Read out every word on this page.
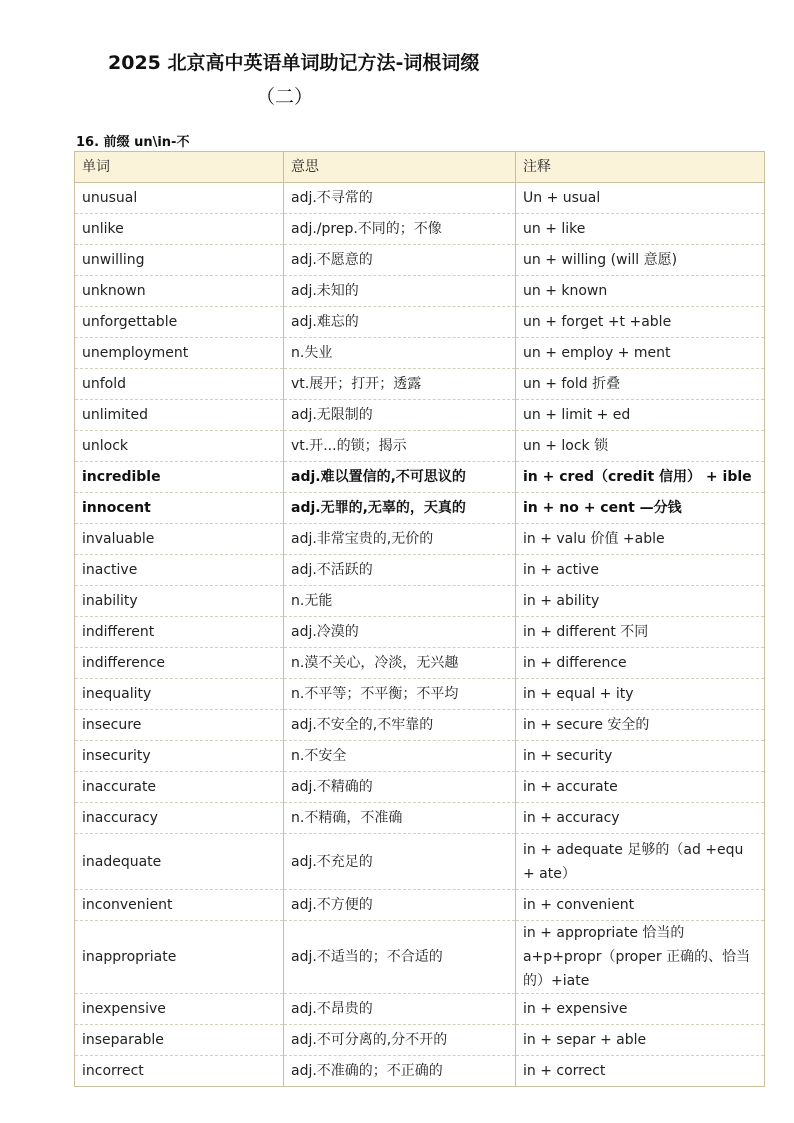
2025 北京高中英语单词助记方法-词根词缀
（二）
16. 前缀 un\in-不
单词	意思	注释
unusual	adj.不寻常的	Un + usual
unlike	adj./prep.不同的；不像	un + like
unwilling	adj.不愿意的	un + willing (will 意愿)
unknown	adj.未知的	un + known
unforgettable	adj.难忘的	un + forget +t +able
unemployment	n.失业	un + employ + ment
unfold	vt.展开；打开；透露	un + fold 折叠
unlimited	adj.无限制的	un + limit + ed
unlock	vt.开...的锁；揭示	un + lock 锁
incredible	adj.难以置信的,不可思议的	in + cred（credit 信用） + ible
innocent	adj.无罪的,无辜的，天真的	in + no + cent —分钱
invaluable	adj.非常宝贵的,无价的	in + valu 价值 +able
inactive	adj.不活跃的	in + active
inability	n.无能	in + ability
indifferent	adj.冷漠的	in + different 不同
indifference	n.漠不关心，冷淡，无兴趣	in + difference
inequality	n.不平等；不平衡；不平均	in + equal + ity
insecure	adj.不安全的,不牢靠的	in + secure 安全的
insecurity	n.不安全	in + security
inaccurate	adj.不精确的	in + accurate
inaccuracy	n.不精确，不准确	in + accuracy
inadequate	adj.不充足的	in + adequate 足够的（ad +equ + ate）
inconvenient	adj.不方便的	in + convenient
inappropriate	adj.不适当的；不合适的	in + appropriate 恰当的 a+p+propr（proper 正确的、恰当的）+iate
inexpensive	adj.不昂贵的	in + expensive
inseparable	adj.不可分离的,分不开的	in + separ + able
incorrect	adj.不准确的；不正确的	in + correct
